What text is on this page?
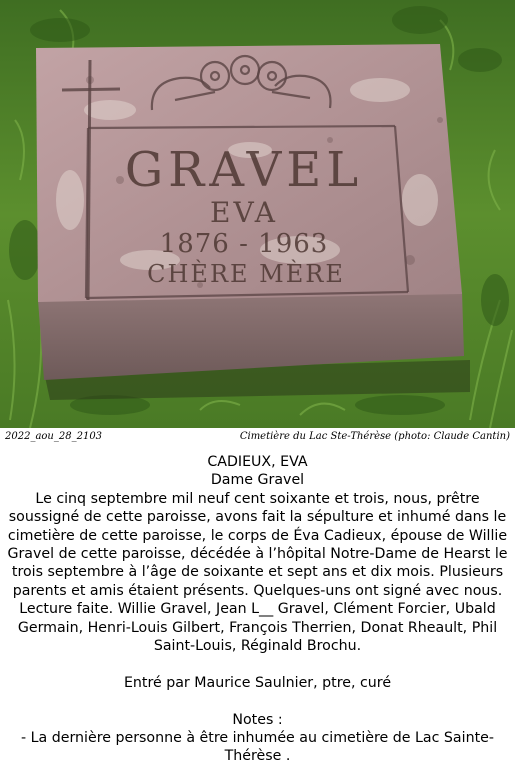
GRAVEL
EVA
1876 - 1963
CHÈRE MÈRE
2022_aou_28_2103	Cimetière du Lac Ste-Thérèse (photo: Claude Cantin)

CADIEUX, EVA

Dame Gravel

Le cinq septembre mil neuf cent soixante et trois, nous, prêtre soussigné de cette paroisse, avons fait la sépulture et inhumé dans le cimetière de cette paroisse, le corps de Éva Cadieux, épouse de Willie Gravel de cette paroisse, décédée à l’hôpital Notre-Dame de Hearst le trois septembre à l’âge de soixante et sept ans et dix mois. Plusieurs parents et amis étaient présents. Quelques-uns ont signé avec nous. Lecture faite. Willie Gravel, Jean L__ Gravel, Clément Forcier, Ubald Germain, Henri-Louis Gilbert, François Therrien, Donat Rheault, Phil Saint-Louis, Réginald Brochu.

Entré par Maurice Saulnier, ptre, curé

Notes :

- La dernière personne à être inhumée au cimetière de Lac Sainte-Thérèse .
